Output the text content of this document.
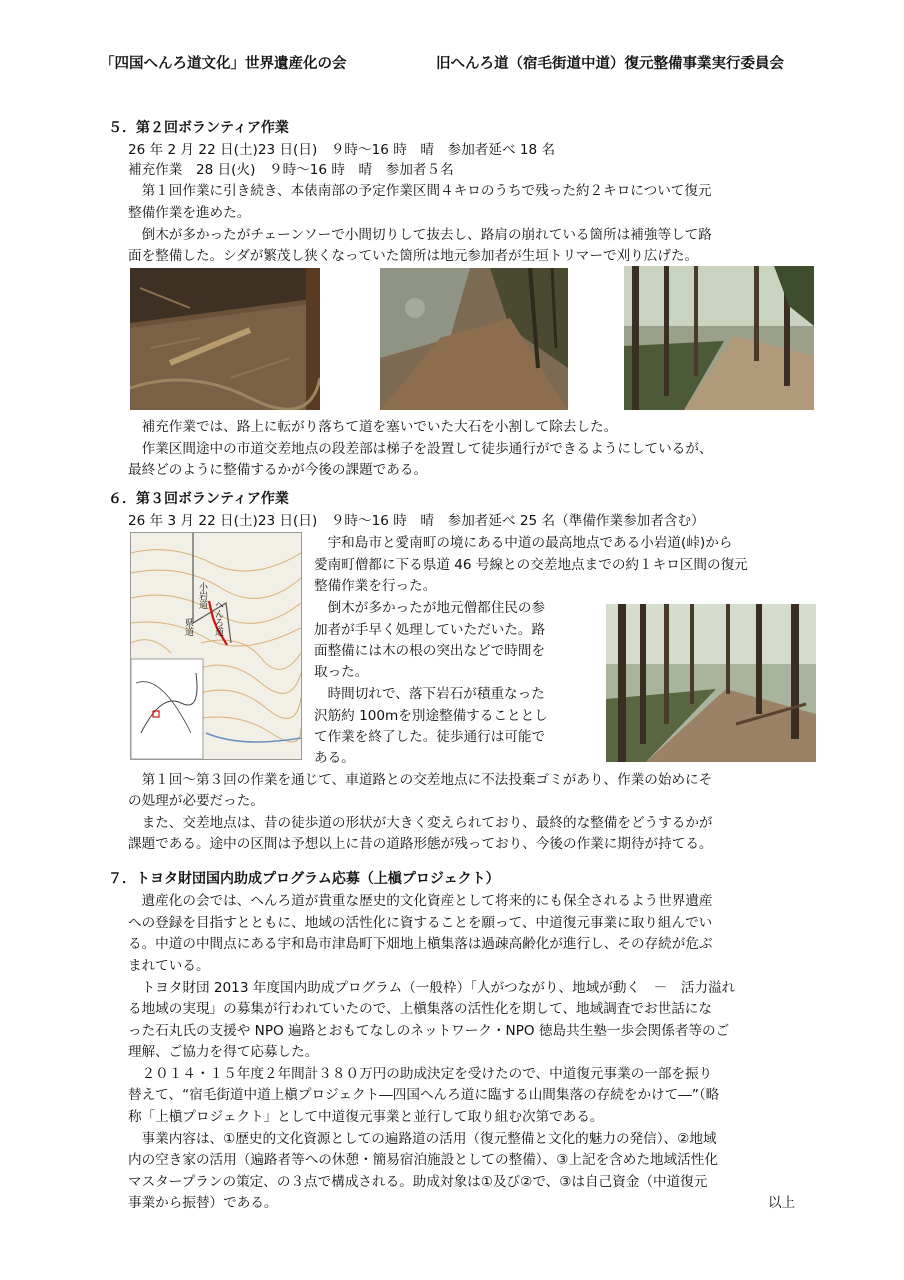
「四国へんろ道文化」世界遺産化の会	旧へんろ道（宿毛街道中道）復元整備事業実行委員会
５．第２回ボランティア作業
26 年 2 月 22 日(土)23 日(日)　９時〜16 時　晴　参加者延べ 18 名
補充作業　28 日(火)　９時〜16 時　晴　参加者５名
　第１回作業に引き続き、本俵南部の予定作業区間４キロのうちで残った約２キロについて復元
整備作業を進めた。
　倒木が多かったがチェーンソーで小間切りして抜去し、路肩の崩れている箇所は補強等して路
面を整備した。シダが繁茂し狭くなっていた箇所は地元参加者が生垣トリマーで刈り広げた。
　補充作業では、路上に転がり落ちて道を塞いでいた大石を小割して除去した。
　作業区間途中の市道交差地点の段差部は梯子を設置して徒歩通行ができるようにしているが、
最終どのように整備するかが今後の課題である。
６．第３回ボランティア作業
26 年 3 月 22 日(土)23 日(日)　９時〜16 時　晴　参加者延べ 25 名（準備作業参加者含む）
小岩道
へんろ道
県道
　宇和島市と愛南町の境にある中道の最高地点である小岩道(峠)から
愛南町僧都に下る県道 46 号線との交差地点までの約１キロ区間の復元
整備作業を行った。
　倒木が多かったが地元僧都住民の参
加者が手早く処理していただいた。路
面整備には木の根の突出などで時間を
取った。
　時間切れで、落下岩石が積重なった
沢筋約 100mを別途整備することとし
て作業を終了した。徒歩通行は可能で
ある。
　第１回〜第３回の作業を通じて、車道路との交差地点に不法投棄ゴミがあり、作業の始めにそ
の処理が必要だった。
　また、交差地点は、昔の徒歩道の形状が大きく変えられており、最終的な整備をどうするかが
課題である。途中の区間は予想以上に昔の道路形態が残っており、今後の作業に期待が持てる。
７．トヨタ財団国内助成プログラム応募（上槇プロジェクト）
　遺産化の会では、へんろ道が貴重な歴史的文化資産として将来的にも保全されるよう世界遺産
への登録を目指すとともに、地域の活性化に資することを願って、中道復元事業に取り組んでい
る。中道の中間点にある宇和島市津島町下畑地上槇集落は過疎高齢化が進行し、その存続が危ぶ
まれている。
　トヨタ財団 2013 年度国内助成プログラム（一般枠）「人がつながり、地域が動く　－　活力溢れ
る地域の実現」の募集が行われていたので、上槇集落の活性化を期して、地域調査でお世話にな
った石丸氏の支援や NPO 遍路とおもてなしのネットワーク・NPO 徳島共生塾一歩会関係者等のご
理解、ご協力を得て応募した。
　２０１４・１５年度２年間計３８０万円の助成決定を受けたので、中道復元事業の一部を振り
替えて、“宿毛街道中道上槇プロジェクト―四国へんろ道に臨する山間集落の存続をかけて―”（略
称「上槇プロジェクト」として中道復元事業と並行して取り組む次第である。
　事業内容は、①歴史的文化資源としての遍路道の活用（復元整備と文化的魅力の発信）、②地域
内の空き家の活用（遍路者等への休憩・簡易宿泊施設としての整備）、③上記を含めた地域活性化
マスタープランの策定、の３点で構成される。助成対象は①及び②で、③は自己資金（中道復元
事業から振替）である。	以上
